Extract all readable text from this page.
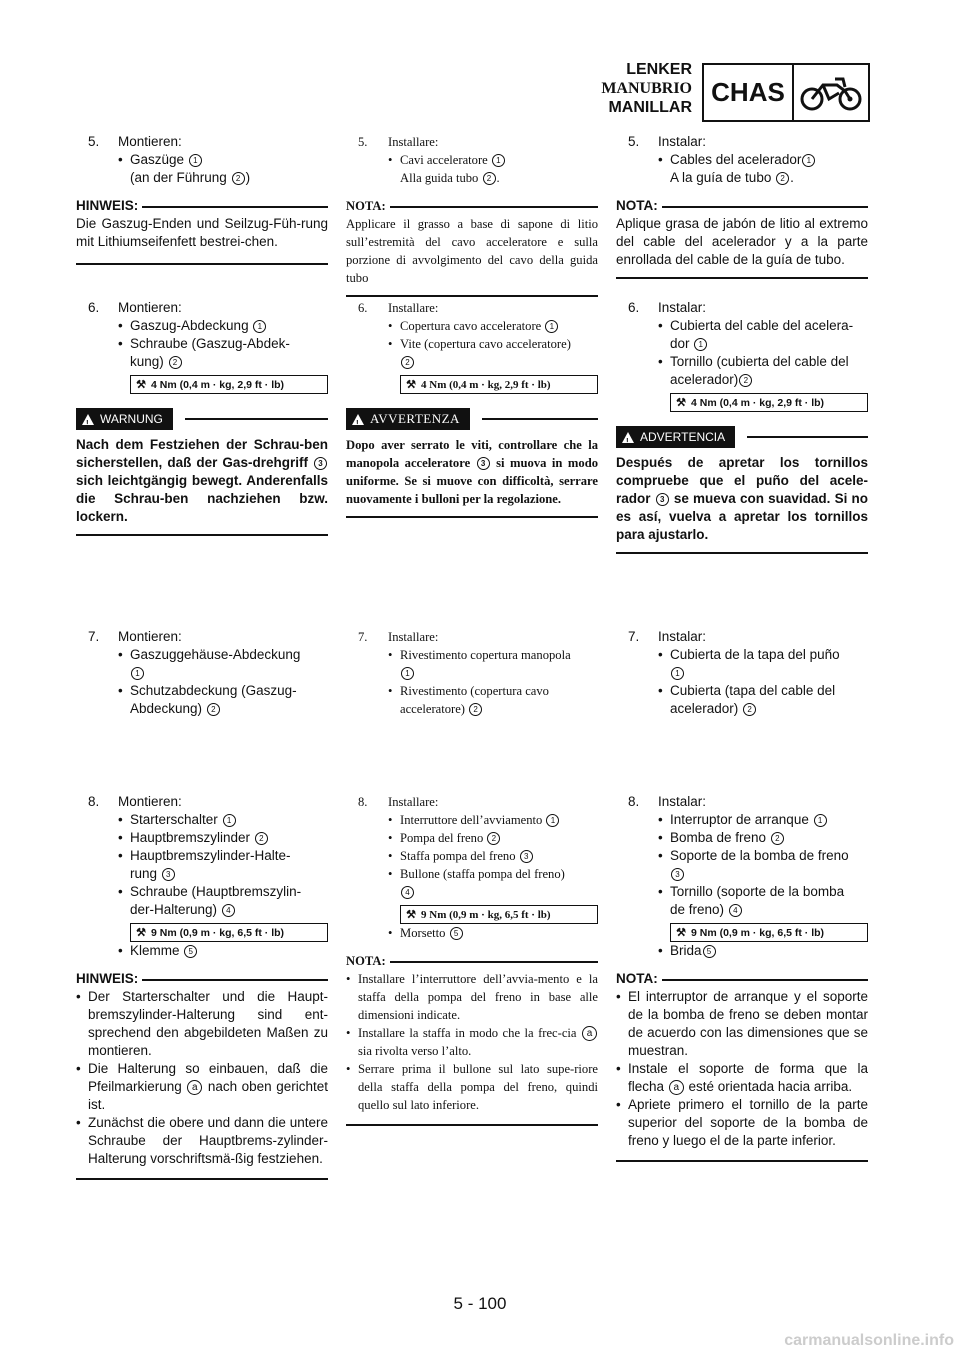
LENKER
MANUBRIO
MANILLAR
CHAS
5.	Montieren:
• Gaszüge 1
(an der Führung 2 )
HINWEIS:
Die Gaszug-Enden und Seilzug-Füh-rung mit Lithiumseifenfett bestrei-chen.
6.	Montieren:
• Gaszug-Abdeckung 1
• Schraube (Gaszug-Abdek-
kung) 2
⚒ 4 Nm (0,4 m · kg, 2,9 ft · lb)
!
WARNUNG
Nach dem Festziehen der Schrau-ben sicherstellen, daß der Gas-drehgriff 3 sich leichtgängig bewegt. Anderenfalls die Schrau-ben nachziehen bzw. lockern.
7.	Montieren:
• Gaszuggehäuse-Abdeckung
1
• Schutzabdeckung (Gaszug-
Abdeckung) 2
8.	Montieren:
• Starterschalter 1
• Hauptbremszylinder 2
• Hauptbremszylinder-Halte-
rung 3
• Schraube (Hauptbremszylin-
der-Halterung) 4
⚒ 9 Nm (0,9 m · kg, 6,5 ft · lb)
• Klemme 5
HINWEIS:
• Der Starterschalter und die Haupt-bremszylinder-Halterung sind ent-sprechend den abgebildeten Maßen zu montieren.
• Die Halterung so einbauen, daß die Pfeilmarkierung a nach oben gerichtet ist.
• Zunächst die obere und dann die untere Schraube der Hauptbrems-zylinder-Halterung vorschriftsmä-ßig festziehen.
5.	Installare:
• Cavi acceleratore 1
Alla guida tubo 2 .
NOTA:
Applicare il grasso a base di sapone di litio sull’estremità del cavo acceleratore e sulla porzione di avvolgimento del cavo della guida tubo
6.	Installare:
• Copertura cavo acceleratore 1
• Vite (copertura cavo acceleratore)
2
⚒ 4 Nm (0,4 m · kg, 2,9 ft · lb)
!
AVVERTENZA
Dopo aver serrato le viti, controllare che la manopola acceleratore 3 si muova in modo uniforme. Se si muove con difficoltà, serrare nuovamente i bulloni per la regolazione.
7.	Installare:
• Rivestimento copertura manopola
1
• Rivestimento (copertura cavo
acceleratore) 2
8.	Installare:
• Interruttore dell’avviamento 1
• Pompa del freno 2
• Staffa pompa del freno 3
• Bullone (staffa pompa del freno)
4
⚒ 9 Nm (0,9 m · kg, 6,5 ft · lb)
• Morsetto 5
NOTA:
• Installare l’interruttore dell’avvia-mento e la staffa della pompa del freno in base alle dimensioni indicate.
• Installare la staffa in modo che la frec-cia a sia rivolta verso l’alto.
• Serrare prima il bullone sul lato supe-riore della staffa della pompa del freno, quindi quello sul lato inferiore.
5.	Instalar:
• Cables del acelerador 1
A la guía de tubo 2 .
NOTA:
Aplique grasa de jabón de litio al extremo del cable del acelerador y a la parte enrollada del cable de la guía de tubo.
6.	Instalar:
• Cubierta del cable del acelera-
dor 1
• Tornillo (cubierta del cable del
acelerador) 2
⚒ 4 Nm (0,4 m · kg, 2,9 ft · lb)
!
ADVERTENCIA
Después de apretar los tornillos compruebe que el puño del acele-rador 3 se mueva con suavidad. Si no es así, vuelva a apretar los tornillos para ajustarlo.
7.	Instalar:
• Cubierta de la tapa del puño
1
• Cubierta (tapa del cable del
acelerador) 2
8.	Instalar:
• Interruptor de arranque 1
• Bomba de freno 2
• Soporte de la bomba de freno
3
• Tornillo (soporte de la bomba
de freno) 4
⚒ 9 Nm (0,9 m · kg, 6,5 ft · lb)
• Brida 5
NOTA:
• El interruptor de arranque y el soporte de la bomba de freno se deben montar de acuerdo con las dimensiones que se muestran.
• Instale el soporte de forma que la flecha a esté orientada hacia arriba.
• Apriete primero el tornillo de la parte superior del soporte de la bomba de freno y luego el de la parte inferior.
5 - 100
carmanualsonline.info
